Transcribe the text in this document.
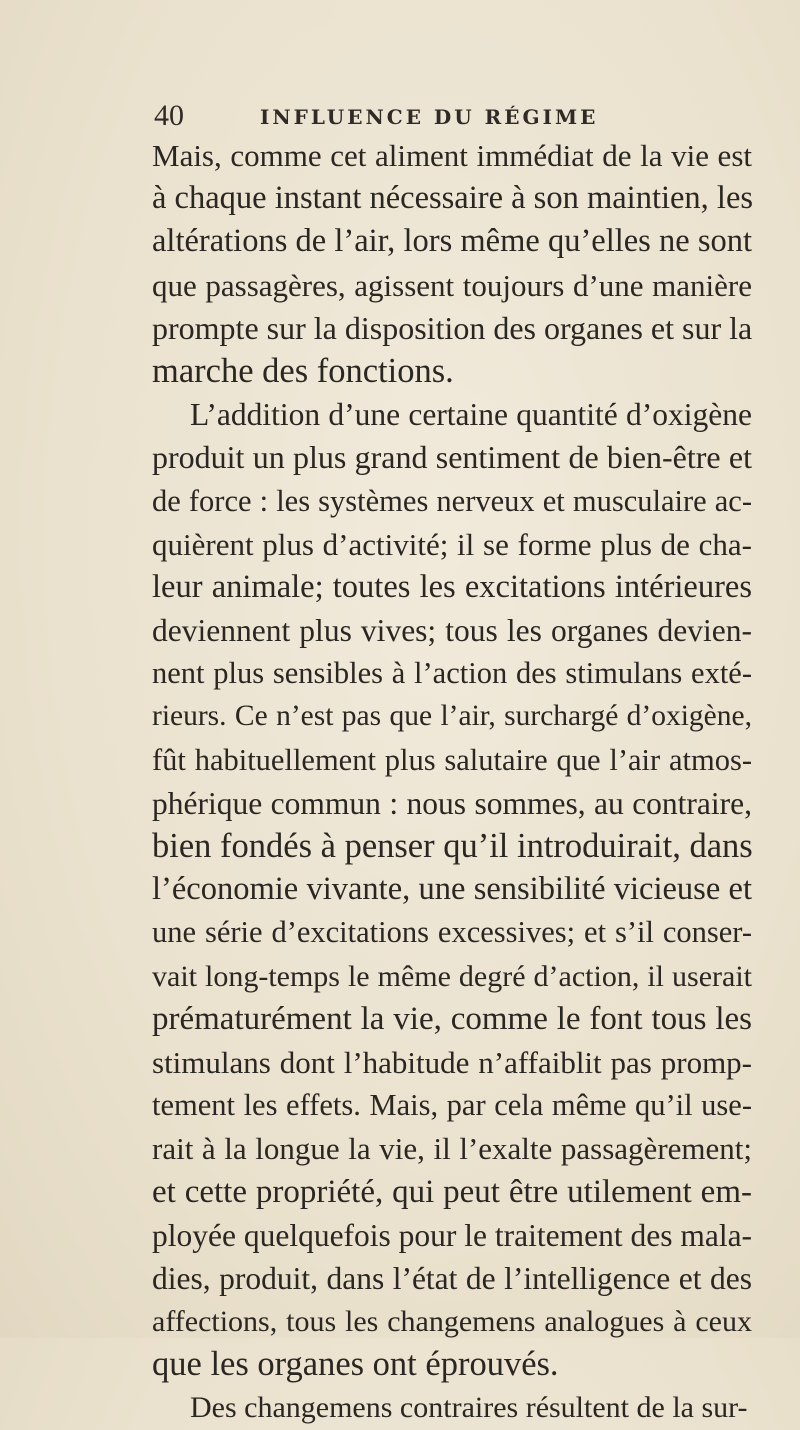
40	INFLUENCE DU RÉGIME
Mais, comme cet aliment immédiat de la vie est
à chaque instant nécessaire à son maintien, les
altérations de l’air, lors même qu’elles ne sont
que passagères, agissent toujours d’une manière
prompte sur la disposition des organes et sur la
marche des fonctions.
L’addition d’une certaine quantité d’oxigène
produit un plus grand sentiment de bien-être et
de force : les systèmes nerveux et musculaire ac-
quièrent plus d’activité; il se forme plus de cha-
leur animale; toutes les excitations intérieures
deviennent plus vives; tous les organes devien-
nent plus sensibles à l’action des stimulans exté-
rieurs. Ce n’est pas que l’air, surchargé d’oxigène,
fût habituellement plus salutaire que l’air atmos-
phérique commun : nous sommes, au contraire,
bien fondés à penser qu’il introduirait, dans
l’économie vivante, une sensibilité vicieuse et
une série d’excitations excessives; et s’il conser-
vait long-temps le même degré d’action, il userait
prématurément la vie, comme le font tous les
stimulans dont l’habitude n’affaiblit pas promp-
tement les effets. Mais, par cela même qu’il use-
rait à la longue la vie, il l’exalte passagèrement;
et cette propriété, qui peut être utilement em-
ployée quelquefois pour le traitement des mala-
dies, produit, dans l’état de l’intelligence et des
affections, tous les changemens analogues à ceux
que les organes ont éprouvés.
Des changemens contraires résultent de la sur-
